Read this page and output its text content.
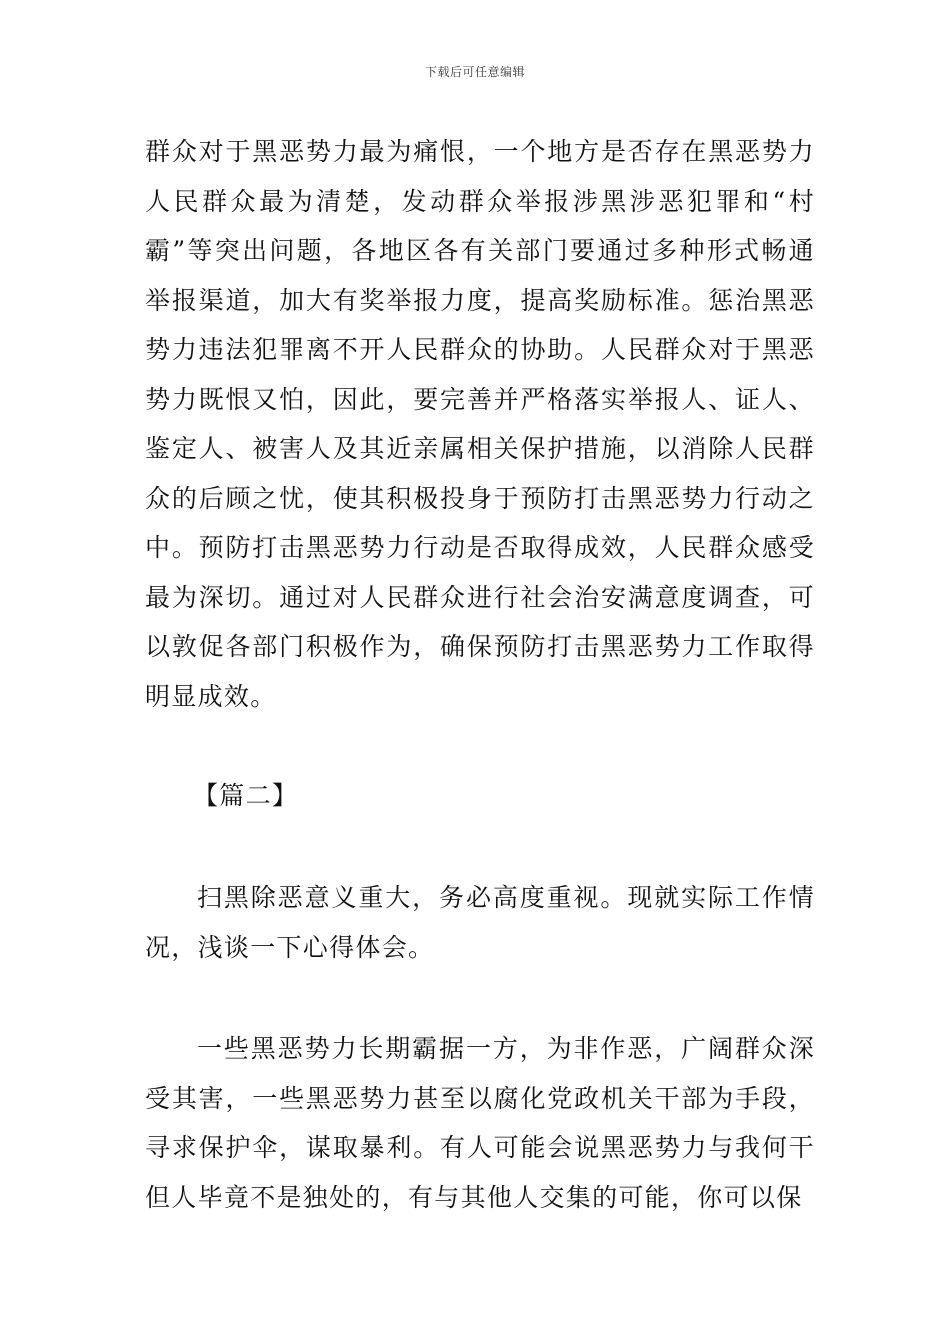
下载后可任意编辑

群众对于黑恶势力最为痛恨，一个地方是否存在黑恶势力人民群众最为清楚，发动群众举报涉黑涉恶犯罪和“村霸”等突出问题，各地区各有关部门要通过多种形式畅通举报渠道，加大有奖举报力度，提高奖励标准。惩治黑恶势力违法犯罪离不开人民群众的协助。人民群众对于黑恶势力既恨又怕，因此，要完善并严格落实举报人、证人、鉴定人、被害人及其近亲属相关保护措施，以消除人民群众的后顾之忧，使其积极投身于预防打击黑恶势力行动之中。预防打击黑恶势力行动是否取得成效，人民群众感受最为深切。通过对人民群众进行社会治安满意度调查，可以敦促各部门积极作为，确保预防打击黑恶势力工作取得明显成效。

【篇二】

扫黑除恶意义重大，务必高度重视。现就实际工作情况，浅谈一下心得体会。

一些黑恶势力长期霸据一方，为非作恶，广阔群众深受其害，一些黑恶势力甚至以腐化党政机关干部为手段，寻求保护伞，谋取暴利。有人可能会说黑恶势力与我何干但人毕竟不是独处的，有与其他人交集的可能，你可以保
